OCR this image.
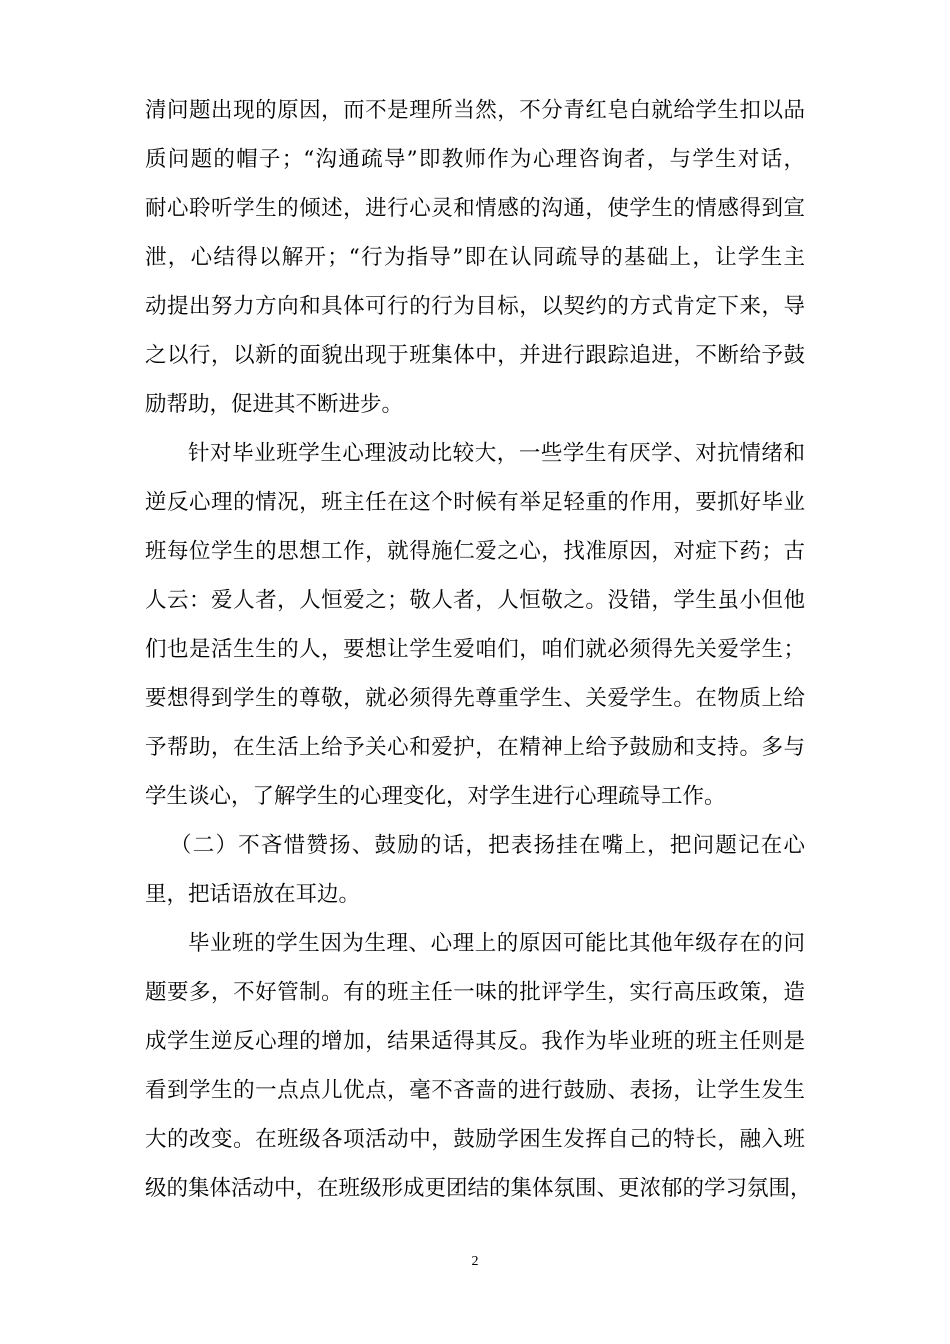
清问题出现的原因，而不是理所当然，不分青红皂白就给学生扣以品
质问题的帽子；“沟通疏导”即教师作为心理咨询者，与学生对话，
耐心聆听学生的倾述，进行心灵和情感的沟通，使学生的情感得到宣
泄，心结得以解开；“行为指导”即在认同疏导的基础上，让学生主
动提出努力方向和具体可行的行为目标，以契约的方式肯定下来，导
之以行，以新的面貌出现于班集体中，并进行跟踪追进，不断给予鼓
励帮助，促进其不断进步。
针对毕业班学生心理波动比较大，一些学生有厌学、对抗情绪和
逆反心理的情况，班主任在这个时候有举足轻重的作用，要抓好毕业
班每位学生的思想工作，就得施仁爱之心，找准原因，对症下药；古
人云：爱人者，人恒爱之；敬人者，人恒敬之。没错，学生虽小但他
们也是活生生的人，要想让学生爱咱们，咱们就必须得先关爱学生；
要想得到学生的尊敬，就必须得先尊重学生、关爱学生。在物质上给
予帮助，在生活上给予关心和爱护，在精神上给予鼓励和支持。多与
学生谈心，了解学生的心理变化，对学生进行心理疏导工作。
（二）不吝惜赞扬、鼓励的话，把表扬挂在嘴上，把问题记在心
里，把话语放在耳边。
毕业班的学生因为生理、心理上的原因可能比其他年级存在的问
题要多，不好管制。有的班主任一味的批评学生，实行高压政策，造
成学生逆反心理的增加，结果适得其反。我作为毕业班的班主任则是
看到学生的一点点儿优点，毫不吝啬的进行鼓励、表扬，让学生发生
大的改变。在班级各项活动中，鼓励学困生发挥自己的特长，融入班
级的集体活动中，在班级形成更团结的集体氛围、更浓郁的学习氛围，
2
